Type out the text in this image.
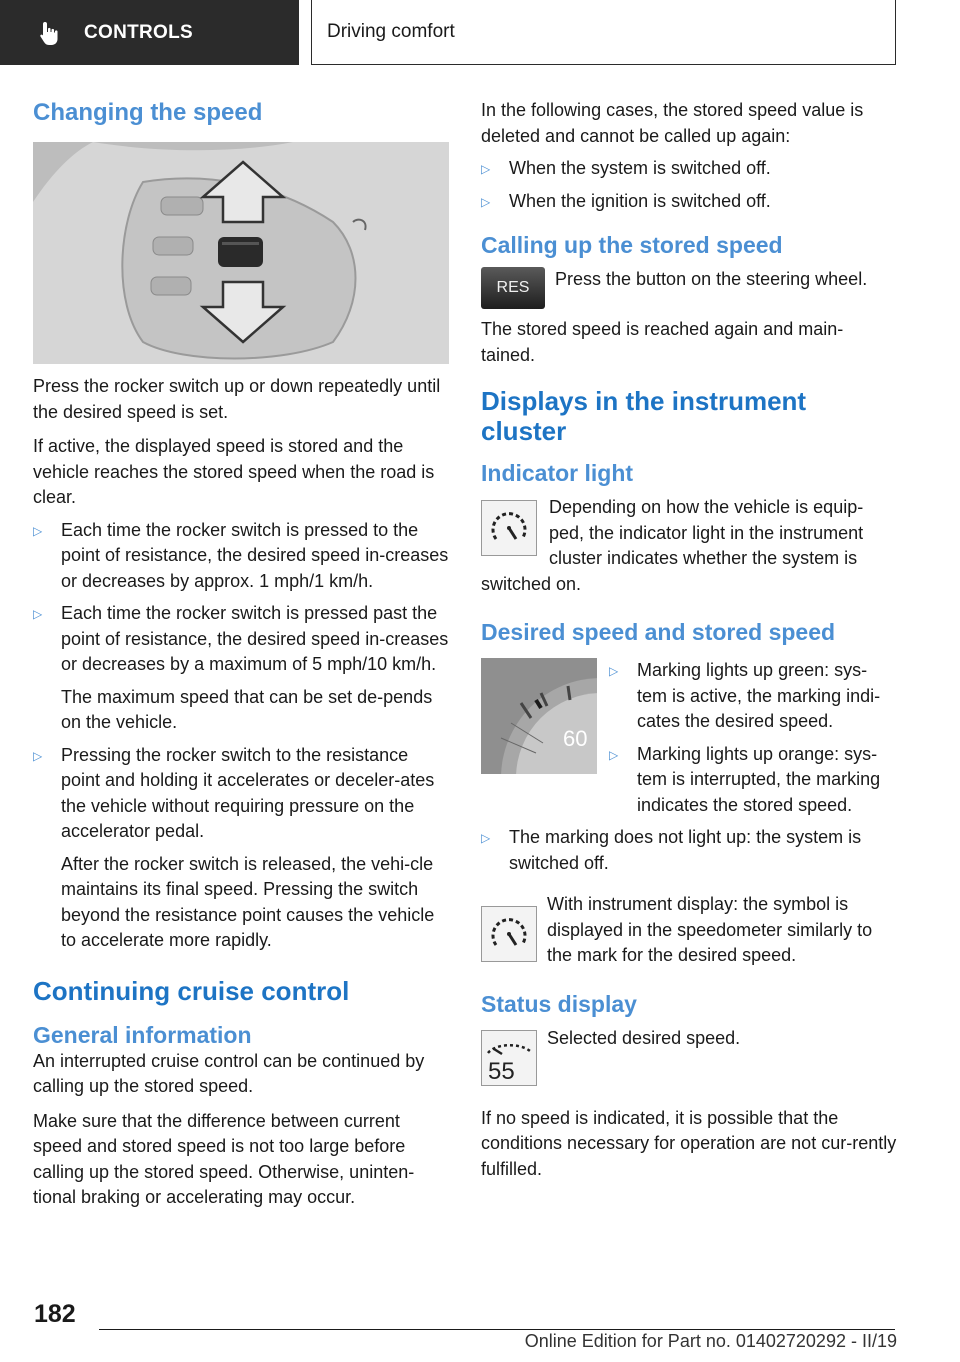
CONTROLS	Driving comfort
Changing the speed

Press the rocker switch up or down repeatedly until the desired speed is set.

If active, the displayed speed is stored and the vehicle reaches the stored speed when the road is clear.

▷	Each time the rocker switch is pressed to the point of resistance, the desired speed in-creases or decreases by approx. 1 mph/1 km/h.

▷	Each time the rocker switch is pressed past the point of resistance, the desired speed in-creases or decreases by a maximum of 5 mph/10 km/h.

The maximum speed that can be set de-pends on the vehicle.

▷	Pressing the rocker switch to the resistance point and holding it accelerates or deceler-ates the vehicle without requiring pressure on the accelerator pedal.

After the rocker switch is released, the vehi-cle maintains its final speed. Pressing the switch beyond the resistance point causes the vehicle to accelerate more rapidly.

Continuing cruise control
General information

An interrupted cruise control can be continued by calling up the stored speed.

Make sure that the difference between current speed and stored speed is not too large before calling up the stored speed. Otherwise, uninten-tional braking or accelerating may occur.

In the following cases, the stored speed value is deleted and cannot be called up again:

▷	When the system is switched off.

▷	When the ignition is switched off.

Calling up the stored speed
RES Press the button on the steering wheel.

The stored speed is reached again and main-tained.

Displays in the instrument cluster
Indicator light

Depending on how the vehicle is equip-ped, the indicator light in the instrument cluster indicates whether the system is switched on.

Desired speed and stored speed
60
▷	Marking lights up green: sys-tem is active, the marking indi-cates the desired speed.

▷	Marking lights up orange: sys-tem is interrupted, the marking indicates the stored speed.

▷	The marking does not light up: the system is switched off.

With instrument display: the symbol is displayed in the speedometer similarly to the mark for the desired speed.

Status display
55

Selected desired speed.

If no speed is indicated, it is possible that the conditions necessary for operation are not cur-rently fulfilled.

182
Online Edition for Part no. 01402720292 - II/19
